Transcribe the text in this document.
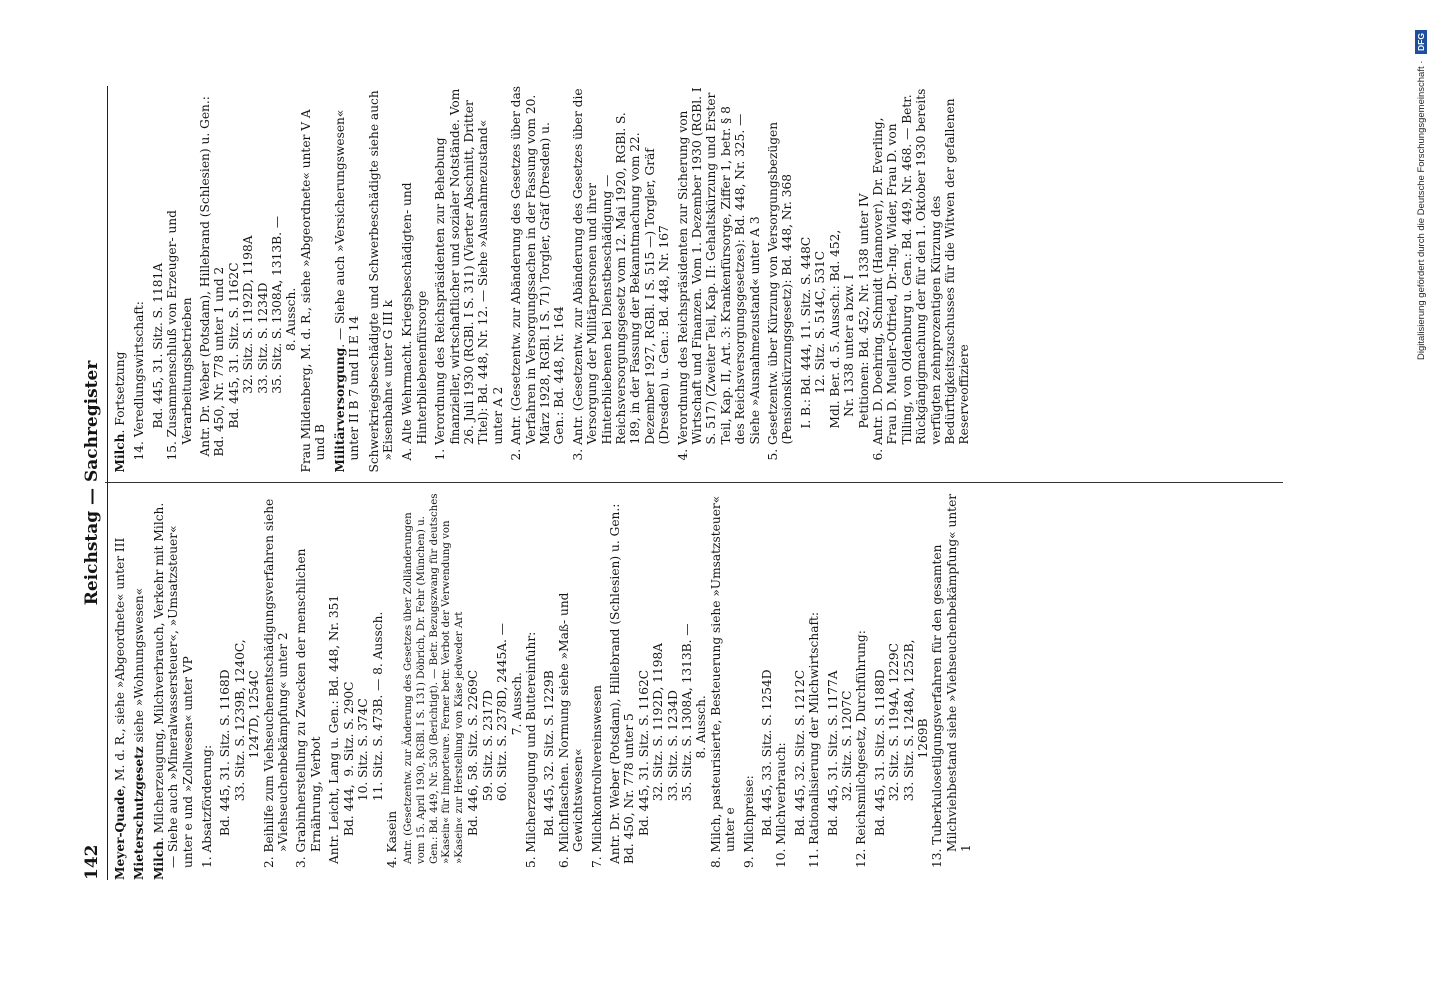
142
Reichstag — Sachregister
Meyer-Quade, M. d. R., siehe »Abgeordnete« unter III
Mieterschutzgesetz siehe »Wohnungswesen«
Milch. Milcherzeugung, Milchverbrauch, Verkehr mit Milch. — Siehe auch »Mineralwassersteuer«, »Umsatzsteuer« unter e und »Zollwesen« unter VP 1. Absatzförderung: Bd. 445, 31. Sitz. S. 1168D 33. Sitz. S. 1239B, 1240C, 1247D, 1254C 2. Beihilfe zum Viehseuchenentschädigungsverfahren siehe »Viehseuchenbekämpfung« unter 2 3. Grabinherstellung zu Zwecken der menschlichen Ernährung, Verbot Antr. Leicht, Lang u. Gen.: Bd. 448, Nr. 351 Bd. 444,  9. Sitz. S. 290C 10. Sitz. S. 374C 11. Sitz. S. 473B. — 8. Aussch.
4. Kasein Antr. (Gesetzentw. zur Änderung des Gesetzes über Zolländerungen vom 15. April 1930, RGBl. I S. 131) Döbrich, Dr. Fehr (München) u. Gen.: Bd. 449, Nr. 530 (Berichtigt). — Betr. Bezugszwang für deutsches »Kasein« für Importeure. Ferner betr. Verbot der Verwendung von »Kasein« zur Herstellung von Käse jedweder Art Bd. 446, 58. Sitz. S. 2269C 59. Sitz. S. 2317D 60. Sitz. S. 2378D, 2445A. — 7. Aussch. 5. Milcherzeugung und Buttereinfuhr: Bd. 445, 32. Sitz. S. 1229B 6. Milchflaschen. Normung siehe »Maß- und Gewichtswesen« 7. Milchkontrollvereinswesen Antr. Dr. Weber (Potsdam), Hillebrand (Schlesien) u. Gen.: Bd. 450, Nr. 778 unter 5 Bd. 445, 31. Sitz. S. 1162C 32. Sitz. S. 1192D, 1198A 33. Sitz. S. 1234D 35. Sitz. S. 1308A, 1313B. — 8. Aussch. 8. Milch, pasteurisierte, Besteuerung siehe »Umsatzsteuer« unter e 9. Milchpreise: Bd. 445, 33. Sitz. S. 1254D 10. Milchverbrauch: Bd. 445, 32. Sitz. S. 1212C 11. Rationalisierung der Milchwirtschaft: Bd. 445, 31. Sitz. S. 1177A 32. Sitz. S. 1207C 12. Reichsmilchgesetz, Durchführung: Bd. 445, 31. Sitz. S. 1188D 32. Sitz. S. 1194A, 1229C 33. Sitz. S. 1248A, 1252B, 1269B 13. Tuberkulosetilgungsverfahren für den gesamten Milchviehbestand siehe »Viehseuchenbekämpfung« unter 1
Milch. Fortsetzung 14. Veredlungswirtschaft: Bd. 445, 31. Sitz. S. 1181A 15. Zusammenschluß von Erzeuger- und Verarbeitungsbetrieben Antr. Dr. Weber (Potsdam), Hillebrand (Schlesien) u. Gen.: Bd. 450, Nr. 778 unter 1 und 2 Bd. 445, 31. Sitz. S. 1162C 32. Sitz. S. 1192D, 1198A 33. Sitz. S. 1234D 35. Sitz. S. 1308A, 1313B. — 8. Aussch. Frau Mildenberg, M. d. R., siehe »Abgeordnete« unter V A und B Militärversorgung. — Siehe auch »Versicherungswesen« unter II B 7 und II E 14 Schwerkriegsbeschädigte und Schwerbeschädigte siehe auch »Eisenbahn« unter G III k A. Alte Wehrmacht. Kriegsbeschädigten- und Hinterbliebenenfürsorge 1. Verordnung des Reichspräsidenten zur Behebung finanzieller, wirtschaftlicher und sozialer Notstände. Vom 26. Juli 1930 (RGBl. I S. 311) (Vierter Abschnitt, Dritter Titel): Bd. 448, Nr. 12. — Siehe »Ausnahmezustand« unter A 2 2. Antr. (Gesetzentw. zur Abänderung des Gesetzes über das Verfahren in Versorgungssachen in der Fassung vom 20. März 1928, RGBl. I S. 71) Torgler, Gräf (Dresden) u. Gen.: Bd. 448, Nr. 164 3. Antr. (Gesetzentw. zur Abänderung des Gesetzes über die Versorgung der Militärpersonen und ihrer Hinterbliebenen bei Dienstbeschädigung — Reichsversorgungsgesetz vom 12. Mai 1920, RGBl. S. 189, in der Fassung der Bekanntmachung vom 22. Dezember 1927, RGBl. I S. 515 —) Torgler, Gräf (Dresden) u. Gen.: Bd. 448, Nr. 167 4. Verordnung des Reichspräsidenten zur Sicherung von Wirtschaft und Finanzen. Vom 1. Dezember 1930 (RGBl. I S. 517) (Zweiter Teil, Kap. II: Gehaltskürzung und Erster Teil, Kap. II, Art. 3: Krankenfürsorge, Ziffer 1, betr. § 8 des Reichsversorgungsgesetzes): Bd. 448, Nr. 325. — Siehe »Ausnahmezustand« unter A 3 5. Gesetzentw. über Kürzung von Versorgungsbezügen (Pensionskürzungsgesetz): Bd. 448, Nr. 368 I. B.: Bd. 444, 11. Sitz. S. 448C 12. Sitz. S. 514C, 531C Mdl. Ber. d. 5. Aussch.: Bd. 452, Nr. 1338 unter a bzw. I Petitionen: Bd. 452, Nr. 1338 unter IV 6. Antr. D. Doehring, Schmidt (Hannover), Dr. Everling, Frau D. Mueller-Otfried, Dr.-Ing. Wider, Frau D. von Tilling, von Oldenburg u. Gen.: Bd. 449, Nr. 468. — Betr. Rückgängigmachung der für den 1. Oktober 1930 bereits verfügten zehnprozentigen Kürzung des Bedürftigkeitszuschusses für die Witwen der gefallenen Reserveoffiziere
Digitalisierung gefördert durch die Deutsche Forschungsgemeinschaft · DFG
